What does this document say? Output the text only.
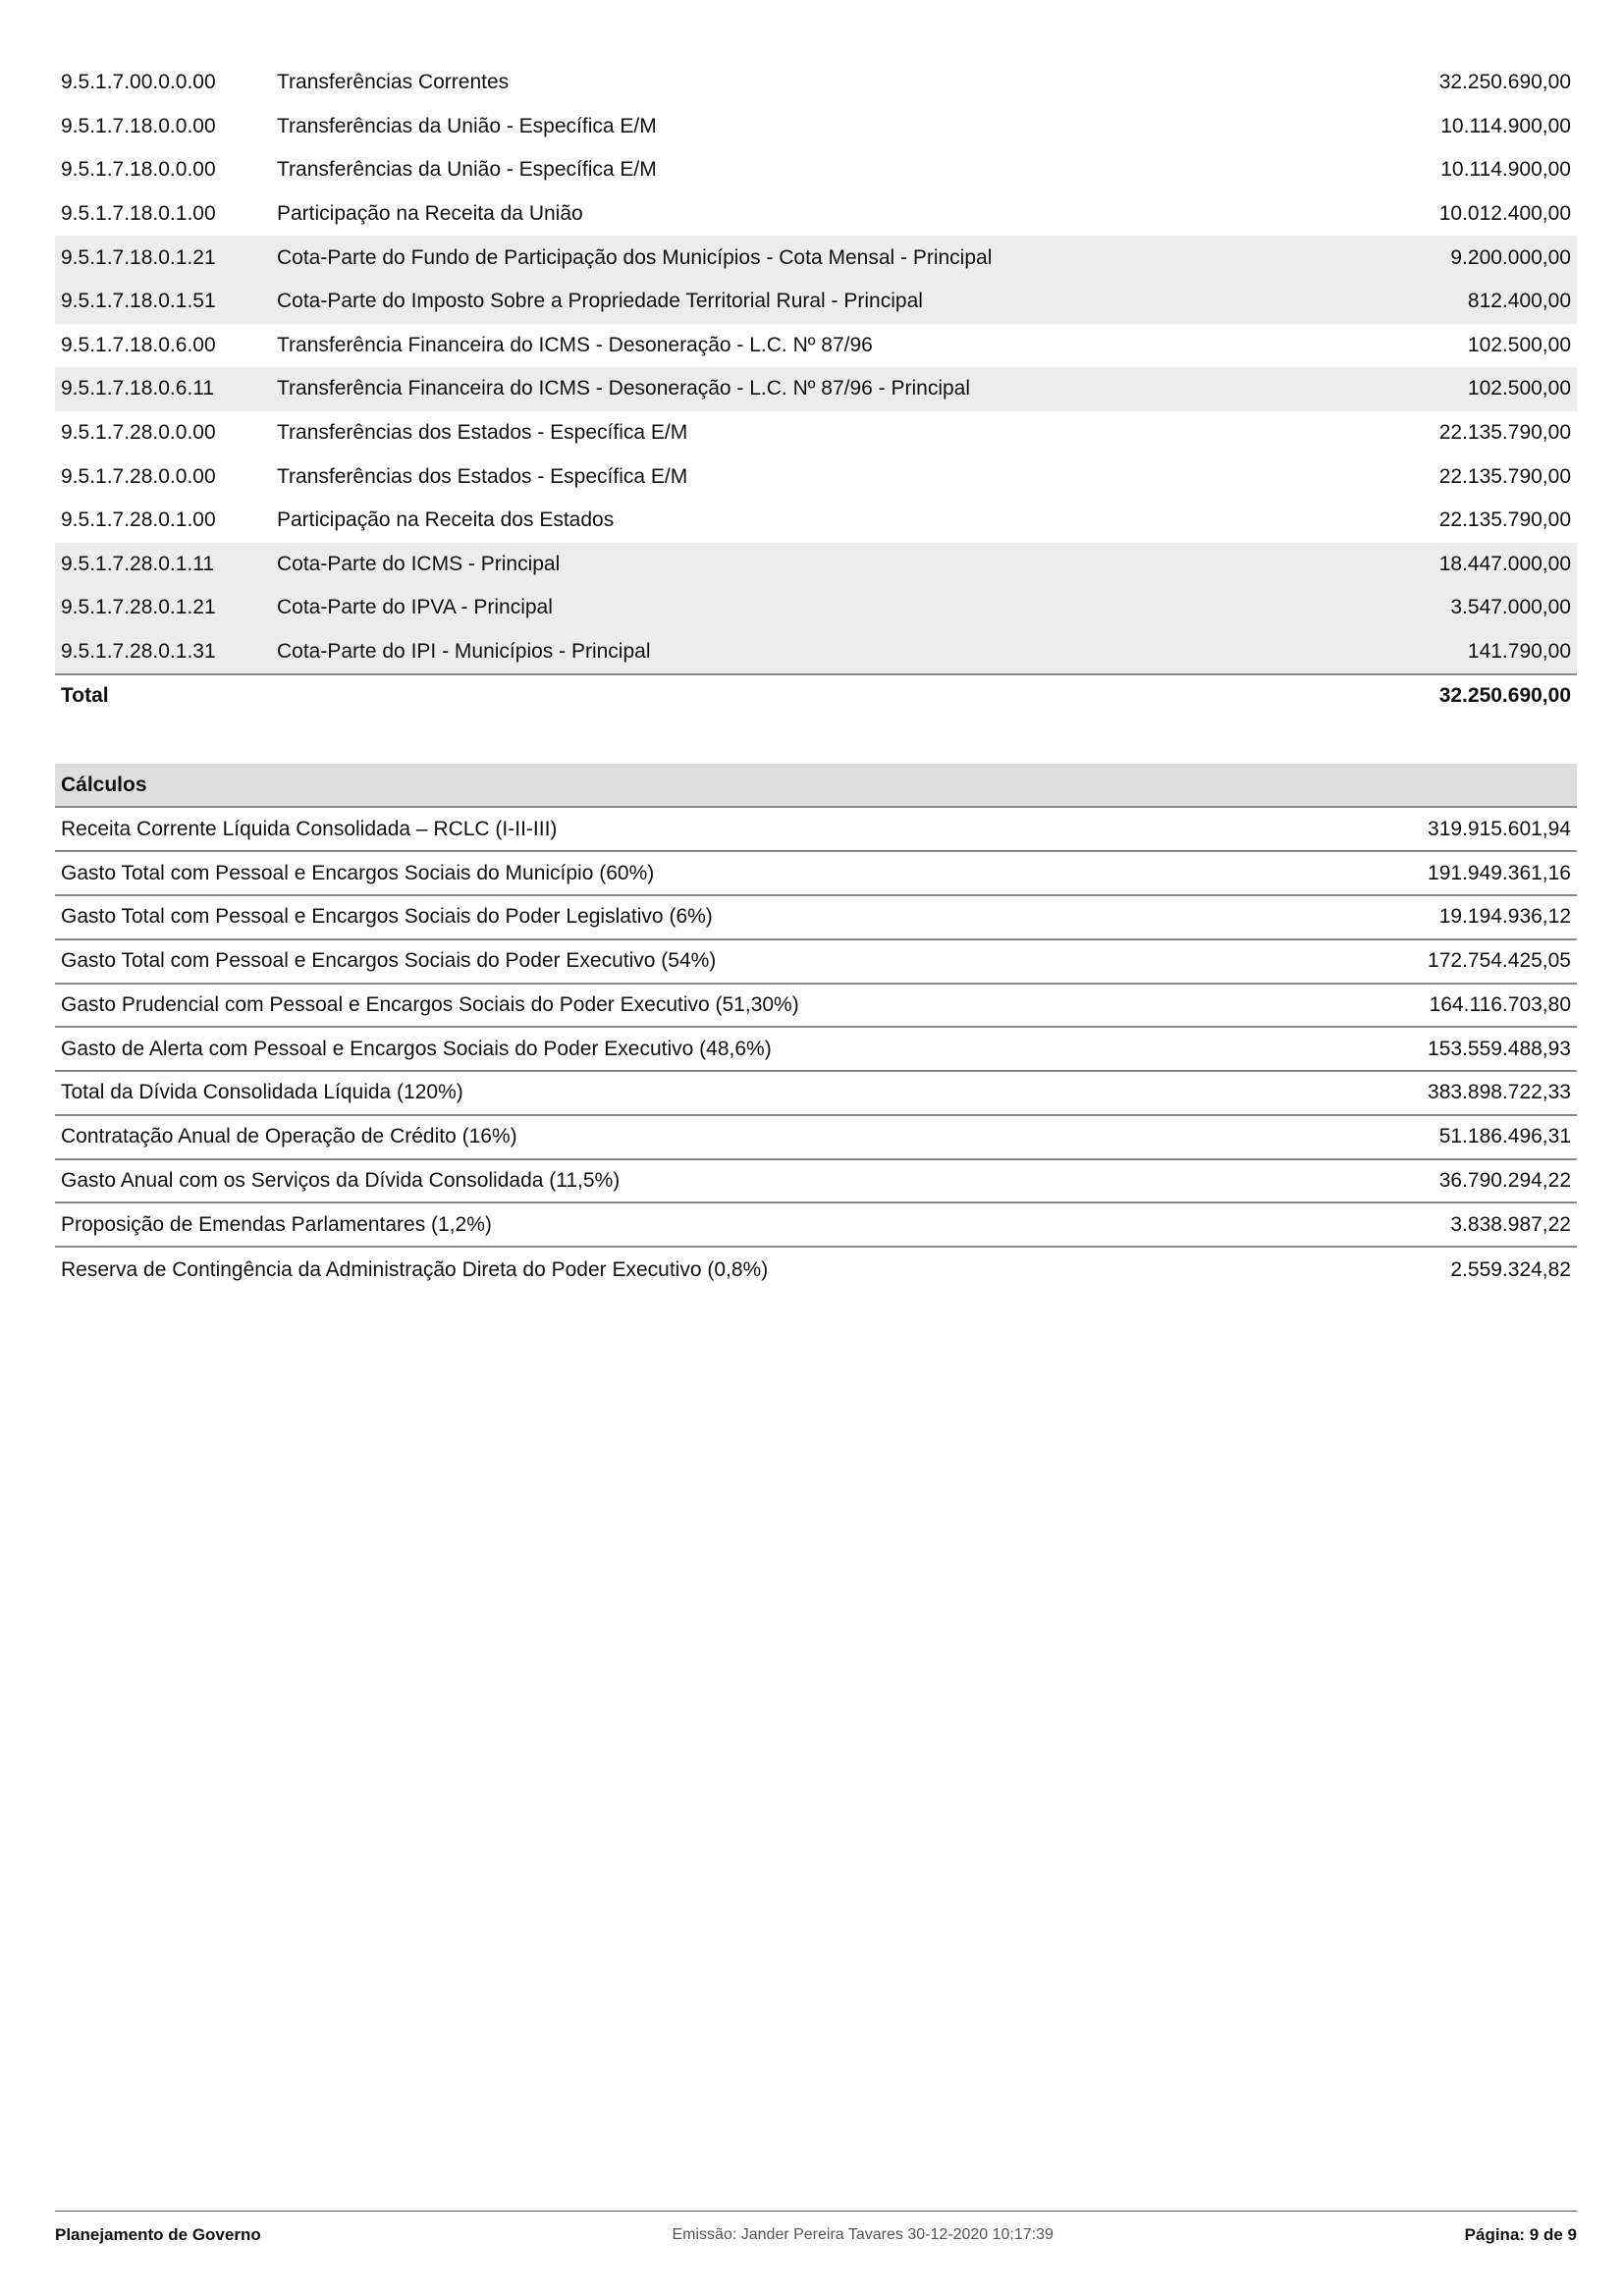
9.5.1.7.00.0.0.00	Transferências Correntes	32.250.690,00
9.5.1.7.18.0.0.00	Transferências da União - Específica E/M	10.114.900,00
9.5.1.7.18.0.0.00	Transferências da União - Específica E/M	10.114.900,00
9.5.1.7.18.0.1.00	Participação na Receita da União	10.012.400,00
9.5.1.7.18.0.1.21	Cota-Parte do Fundo de Participação dos Municípios - Cota Mensal - Principal	9.200.000,00
9.5.1.7.18.0.1.51	Cota-Parte do Imposto Sobre a Propriedade Territorial Rural - Principal	812.400,00
9.5.1.7.18.0.6.00	Transferência Financeira do ICMS - Desoneração - L.C. Nº 87/96	102.500,00
9.5.1.7.18.0.6.11	Transferência Financeira do ICMS - Desoneração - L.C. Nº 87/96 - Principal	102.500,00
9.5.1.7.28.0.0.00	Transferências dos Estados - Específica E/M	22.135.790,00
9.5.1.7.28.0.0.00	Transferências dos Estados - Específica E/M	22.135.790,00
9.5.1.7.28.0.1.00	Participação na Receita dos Estados	22.135.790,00
9.5.1.7.28.0.1.11	Cota-Parte do ICMS - Principal	18.447.000,00
9.5.1.7.28.0.1.21	Cota-Parte do IPVA - Principal	3.547.000,00
9.5.1.7.28.0.1.31	Cota-Parte do IPI - Municípios - Principal	141.790,00
Total	32.250.690,00
Cálculos
Receita Corrente Líquida Consolidada – RCLC (I-II-III)	319.915.601,94
Gasto Total com Pessoal e Encargos Sociais do Município (60%)	191.949.361,16
Gasto Total com Pessoal e Encargos Sociais do Poder Legislativo (6%)	19.194.936,12
Gasto Total com Pessoal e Encargos Sociais do Poder Executivo (54%)	172.754.425,05
Gasto Prudencial com Pessoal e Encargos Sociais do Poder Executivo (51,30%)	164.116.703,80
Gasto de Alerta com Pessoal e Encargos Sociais do Poder Executivo (48,6%)	153.559.488,93
Total da Dívida Consolidada Líquida (120%)	383.898.722,33
Contratação Anual de Operação de Crédito (16%)	51.186.496,31
Gasto Anual com os Serviços da Dívida Consolidada (11,5%)	36.790.294,22
Proposição de Emendas Parlamentares (1,2%)	3.838.987,22
Reserva de Contingência da Administração Direta do Poder Executivo (0,8%)	2.559.324,82
Planejamento de Governo	Emissão: Jander Pereira Tavares 30-12-2020 10:17:39	Página: 9 de 9
